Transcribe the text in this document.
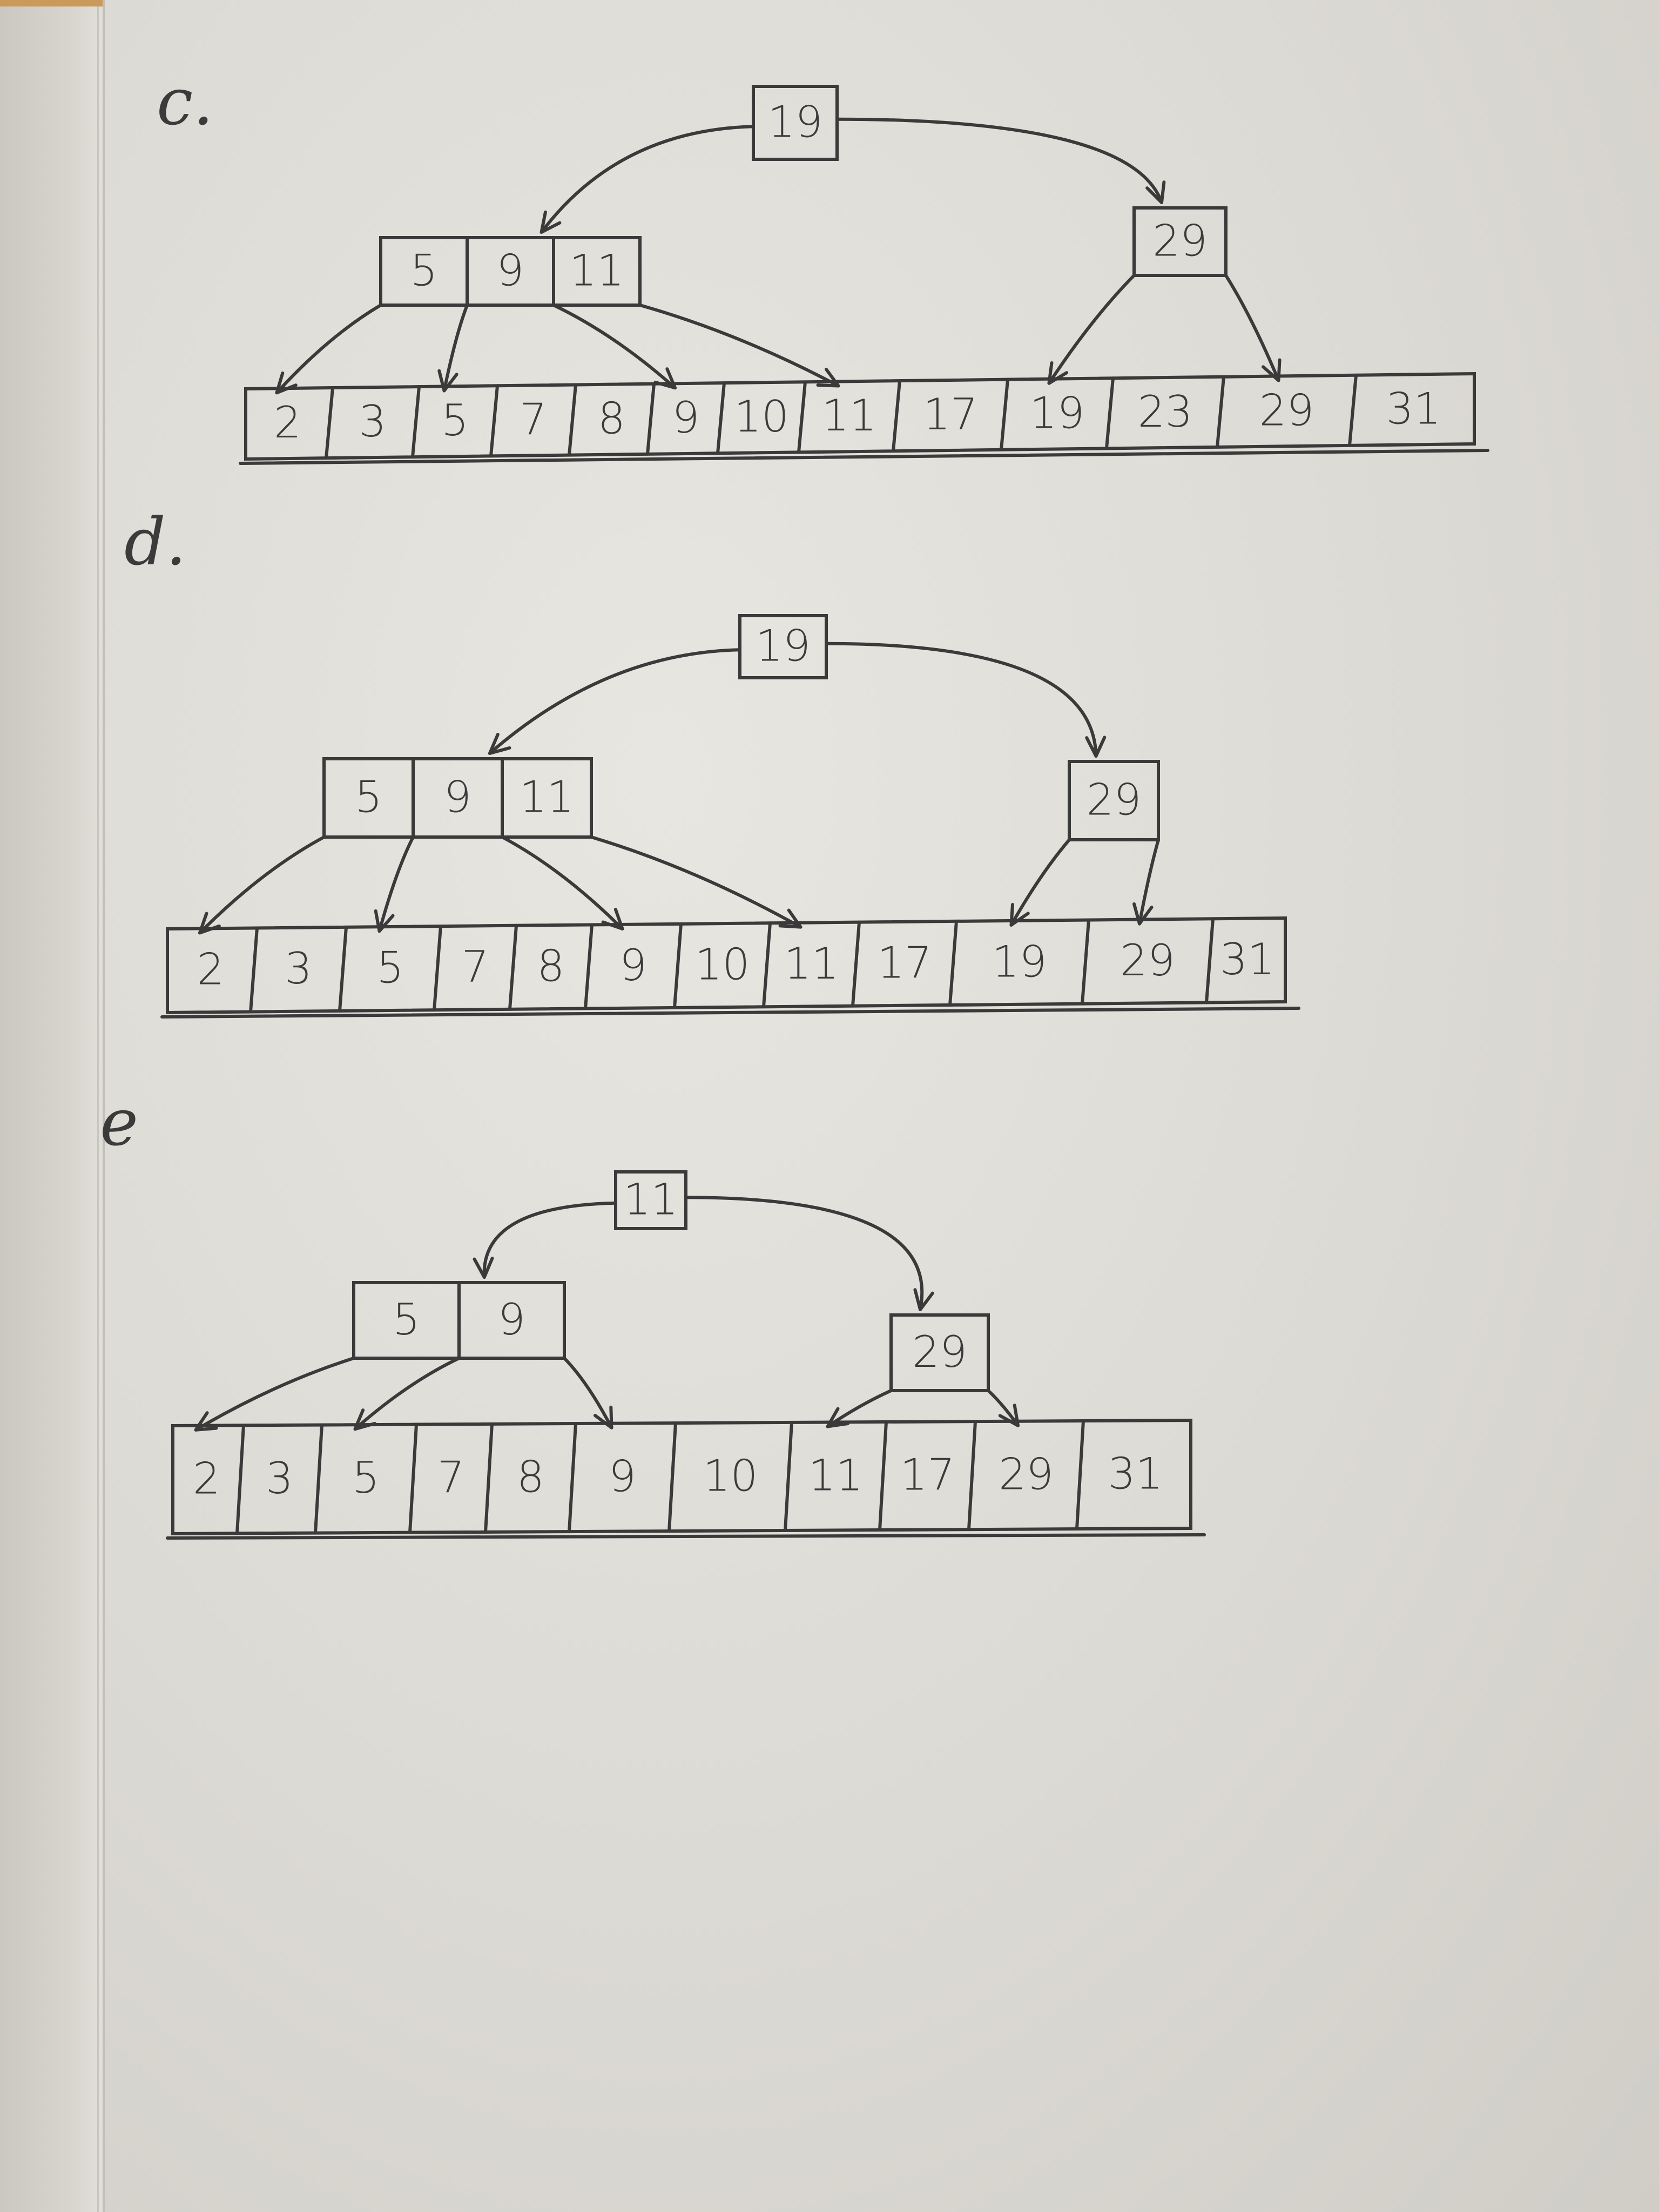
c.	19
5 9 11
29
2 3 5 7 8 9 10 11 17 19 23 29 31
d.
19
5 9 11	29
2 3 5 7 8 9 10 11 17 19 29 31
e
11
5 9
29
2 3 5 7 8 9 10 11 17 29 31
